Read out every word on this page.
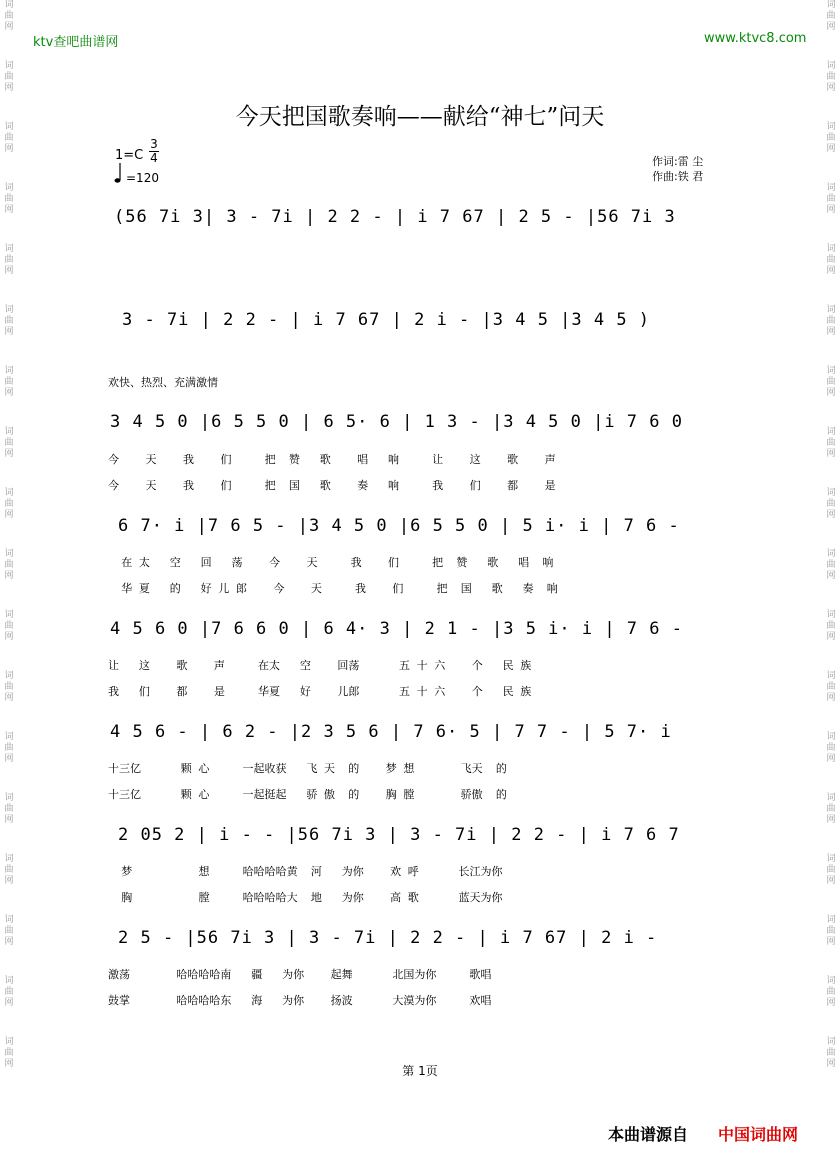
ktv查吧曲谱网	www.ktvc8.com
词曲网
词曲网
词曲网
词曲网
词曲网
词曲网
词曲网
词曲网
词曲网
词曲网
词曲网
词曲网
词曲网
词曲网
词曲网
词曲网
词曲网
词曲网
词曲网
词曲网
词曲网
词曲网
词曲网
词曲网
词曲网
词曲网
词曲网
词曲网
词曲网
词曲网
词曲网
词曲网
词曲网
词曲网
词曲网
词曲网
今天把国歌奏响——献给“神七”问天
1=C
3
4
=120
作词:雷 尘
作曲:铁 君
(56 7i 3| 3 - 7i | 2 2 - | i 7 67 | 2 5 - |56 7i 3
3 - 7i | 2 2 - | i 7 67 | 2 i - |3 4 5 |3 4 5 )
欢快、热烈、充满激情
3 4 5 0 |6 5 5 0 | 6 5· 6 | 1 3 - |3 4 5 0 |i 7 6 0
今    天    我    们     把  赞   歌    唱   响     让    这    歌    声
今    天    我    们     把  国   歌    奏   响     我    们    都    是
6 7· i |7 6 5 - |3 4 5 0 |6 5 5 0 | 5 i· i | 7 6 -
在 太   空   回   荡    今    天     我    们     把  赞   歌   唱  响
华 夏   的   好 儿 郎    今    天     我    们     把  国   歌   奏  响
4 5 6 0 |7 6 6 0 | 6 4· 3 | 2 1 - |3 5 i· i | 7 6 -
让   这    歌    声     在太   空    回荡      五 十 六    个   民 族
我   们    都    是     华夏   好    儿郎      五 十 六    个   民 族
4 5 6 - | 6 2 - |2 3 5 6 | 7 6· 5 | 7 7 - | 5 7· i
十三亿      颗 心     一起收获   飞 天  的    梦 想       飞天  的
十三亿      颗 心     一起挺起   骄 傲  的    胸 膛       骄傲  的
2 05 2 | i - - |56 7i 3 | 3 - 7i | 2 2 - | i 7 6 7
梦          想     哈哈哈哈黄  河   为你    欢 呼      长江为你
胸          膛     哈哈哈哈大  地   为你    高 歌      蓝天为你
2 5 - |56 7i 3 | 3 - 7i | 2 2 - | i 7 67 | 2 i -
激荡       哈哈哈哈南   疆   为你    起舞      北国为你     歌唱
鼓掌       哈哈哈哈东   海   为你    扬波      大漠为你     欢唱
第 1页
本曲谱源自 中国词曲网
